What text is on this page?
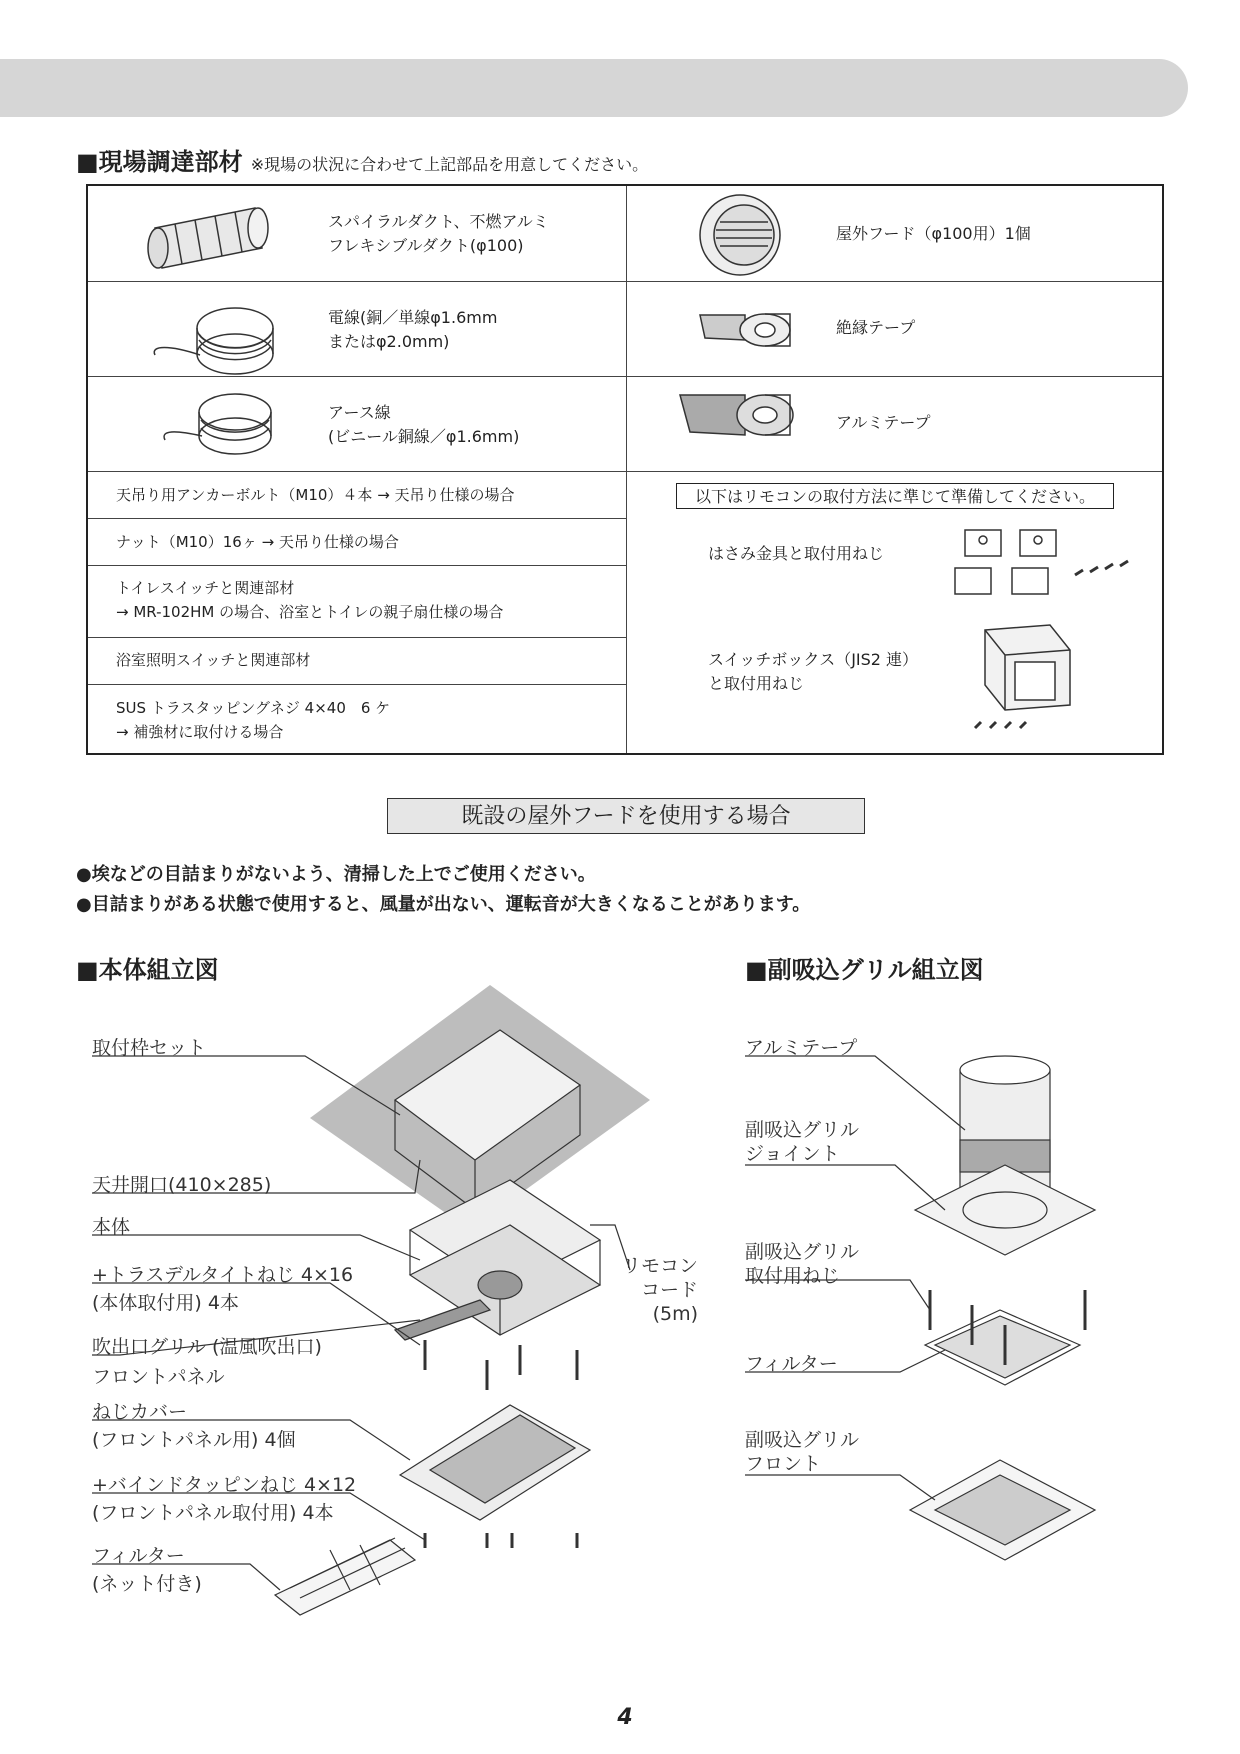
■現場調達部材 ※現場の状況に合わせて上記部品を用意してください。
スパイラルダクト、不燃アルミ
フレキシブルダクト(φ100)
屋外フード（φ100用）1個
電線(銅／単線φ1.6mm
またはφ2.0mm)
絶縁テープ
アース線
(ビニール銅線／φ1.6mm)
アルミテープ
天吊り用アンカーボルト（M10）４本 → 天吊り仕様の場合
ナット（M10）16ヶ → 天吊り仕様の場合
トイレスイッチと関連部材
→ MR-102HM の場合、浴室とトイレの親子扇仕様の場合
浴室照明スイッチと関連部材
SUS トラスタッピングネジ 4×40　6 ケ
→ 補強材に取付ける場合
はさみ金具と取付用ねじ
スイッチボックス（JIS2 連）
と取付用ねじ
以下はリモコンの取付方法に準じて準備してください。
既設の屋外フードを使用する場合
●埃などの目詰まりがないよう、清掃した上でご使用ください。
●目詰まりがある状態で使用すると、風量が出ない、運転音が大きくなることがあります。
■本体組立図	■副吸込グリル組立図
取付枠セット
天井開口(410×285)
本体
+トラスデルタイトねじ 4×16
(本体取付用) 4本
吹出口グリル (温風吹出口)
フロントパネル
ねじカバー
(フロントパネル用) 4個
+バインドタッピンねじ 4×12
(フロントパネル取付用) 4本
フィルター
(ネット付き)
リモコン
コード
(5m)
アルミテープ
副吸込グリル
ジョイント
副吸込グリル
取付用ねじ
フィルター
副吸込グリル
フロント
4
